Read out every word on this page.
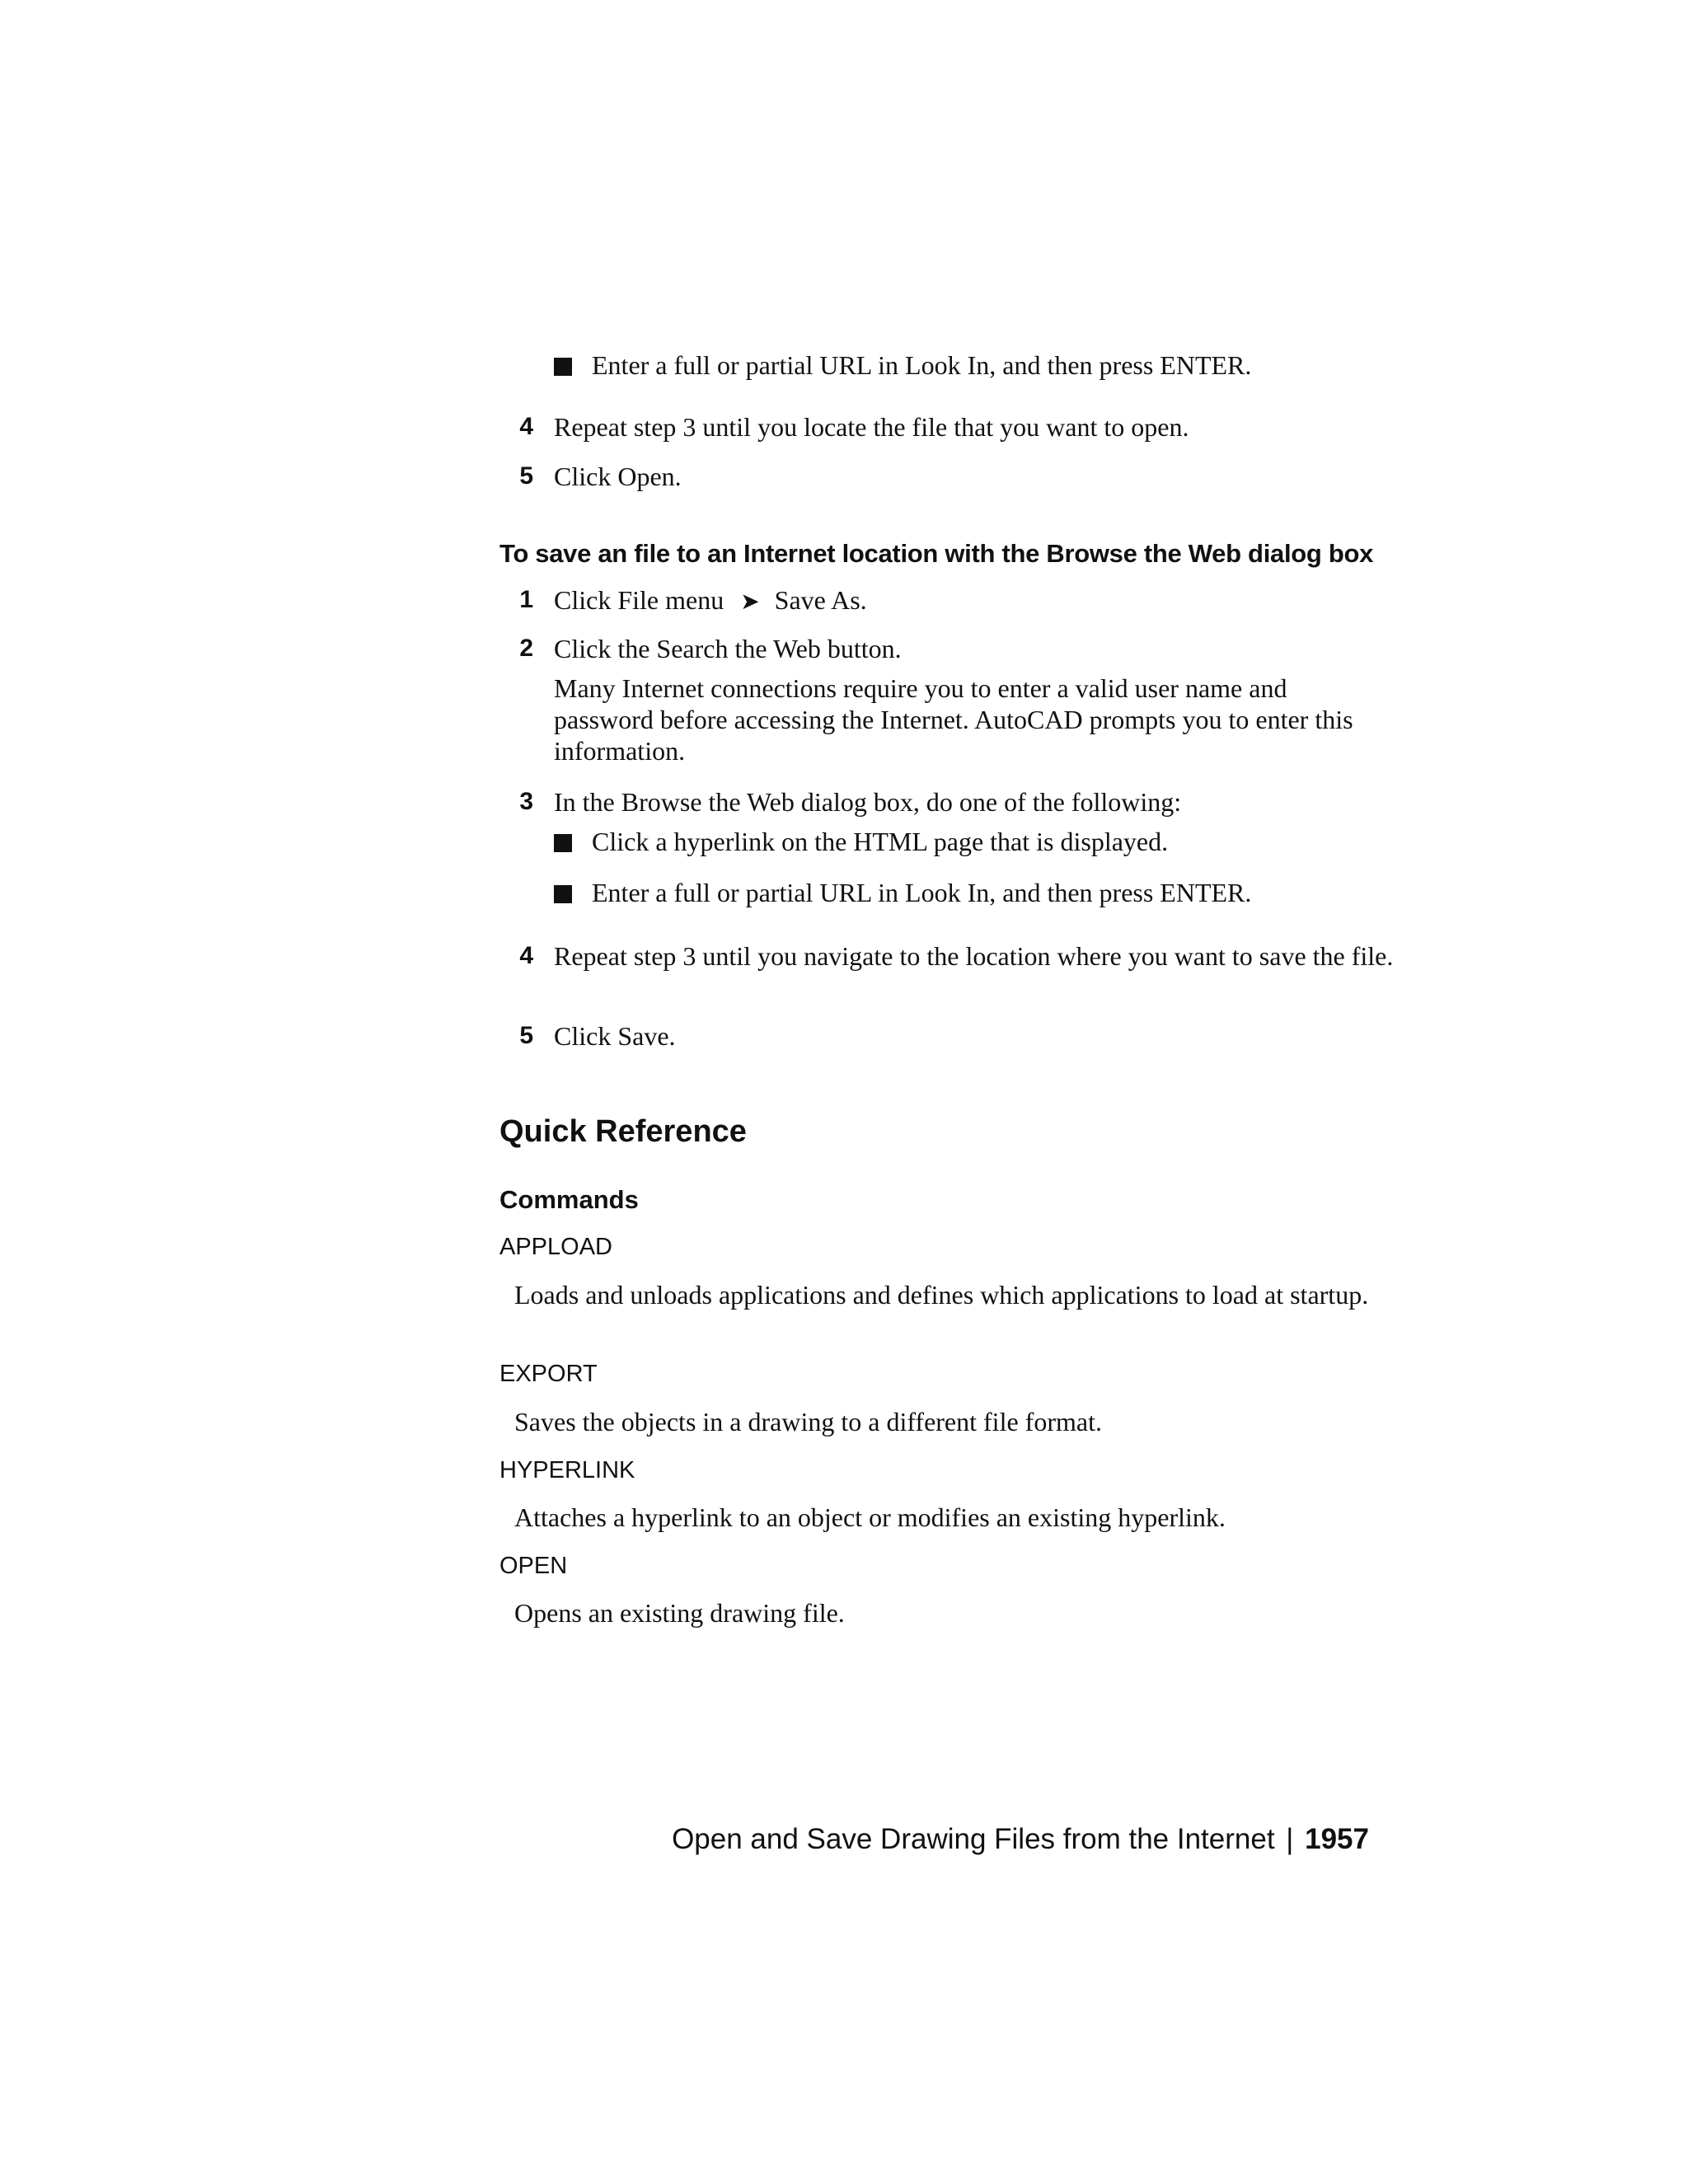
Enter a full or partial URL in Look In, and then press ENTER.
4 Repeat step 3 until you locate the file that you want to open.
5 Click Open.
To save an file to an Internet location with the Browse the Web dialog box
1 Click File menu ➤ Save As.
2 Click the Search the Web button.
Many Internet connections require you to enter a valid user name and password before accessing the Internet. AutoCAD prompts you to enter this information.
3 In the Browse the Web dialog box, do one of the following:
Click a hyperlink on the HTML page that is displayed.
Enter a full or partial URL in Look In, and then press ENTER.
4 Repeat step 3 until you navigate to the location where you want to save the file.
5 Click Save.
Quick Reference
Commands
APPLOAD
Loads and unloads applications and defines which applications to load at startup.
EXPORT
Saves the objects in a drawing to a different file format.
HYPERLINK
Attaches a hyperlink to an object or modifies an existing hyperlink.
OPEN
Opens an existing drawing file.
Open and Save Drawing Files from the Internet | 1957
